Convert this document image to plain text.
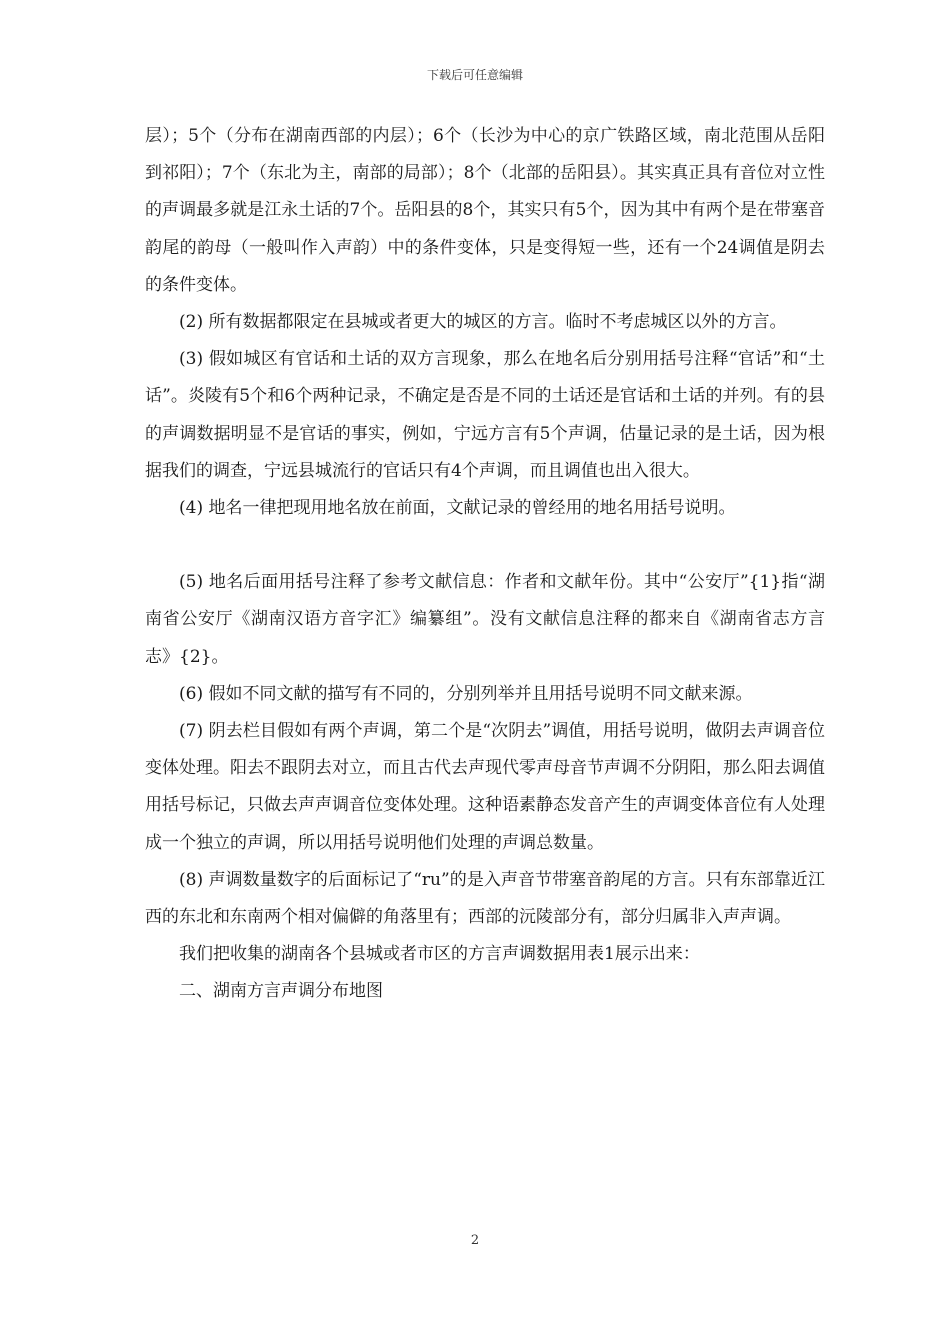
下载后可任意编辑

层）；5个（分布在湖南西部的内层）；6个（长沙为中心的京广铁路区域，南北范围从岳阳到祁阳）；7个（东北为主，南部的局部）；8个（北部的岳阳县）。其实真正具有音位对立性的声调最多就是江永土话的7个。岳阳县的8个，其实只有5个，因为其中有两个是在带塞音韵尾的韵母（一般叫作入声韵）中的条件变体，只是变得短一些，还有一个24调值是阴去的条件变体。

(2) 所有数据都限定在县城或者更大的城区的方言。临时不考虑城区以外的方言。

(3) 假如城区有官话和土话的双方言现象，那么在地名后分别用括号注释“官话”和“土话”。炎陵有5个和6个两种记录，不确定是否是不同的土话还是官话和土话的并列。有的县的声调数据明显不是官话的事实，例如，宁远方言有5个声调，估量记录的是土话，因为根据我们的调查，宁远县城流行的官话只有4个声调，而且调值也出入很大。

(4) 地名一律把现用地名放在前面，文献记录的曾经用的地名用括号说明。

(5) 地名后面用括号注释了参考文献信息：作者和文献年份。其中“公安厅”{1}指“湖南省公安厅《湖南汉语方音字汇》编纂组”。没有文献信息注释的都来自《湖南省志方言志》{2}。

(6) 假如不同文献的描写有不同的，分别列举并且用括号说明不同文献来源。

(7) 阴去栏目假如有两个声调，第二个是“次阴去”调值，用括号说明，做阴去声调音位变体处理。阳去不跟阴去对立，而且古代去声现代零声母音节声调不分阴阳，那么阳去调值用括号标记，只做去声声调音位变体处理。这种语素静态发音产生的声调变体音位有人处理成一个独立的声调，所以用括号说明他们处理的声调总数量。

(8) 声调数量数字的后面标记了“ru”的是入声音节带塞音韵尾的方言。只有东部靠近江西的东北和东南两个相对偏僻的角落里有；西部的沅陵部分有，部分归属非入声声调。

我们把收集的湖南各个县城或者市区的方言声调数据用表1展示出来：

二、湖南方言声调分布地图

2
